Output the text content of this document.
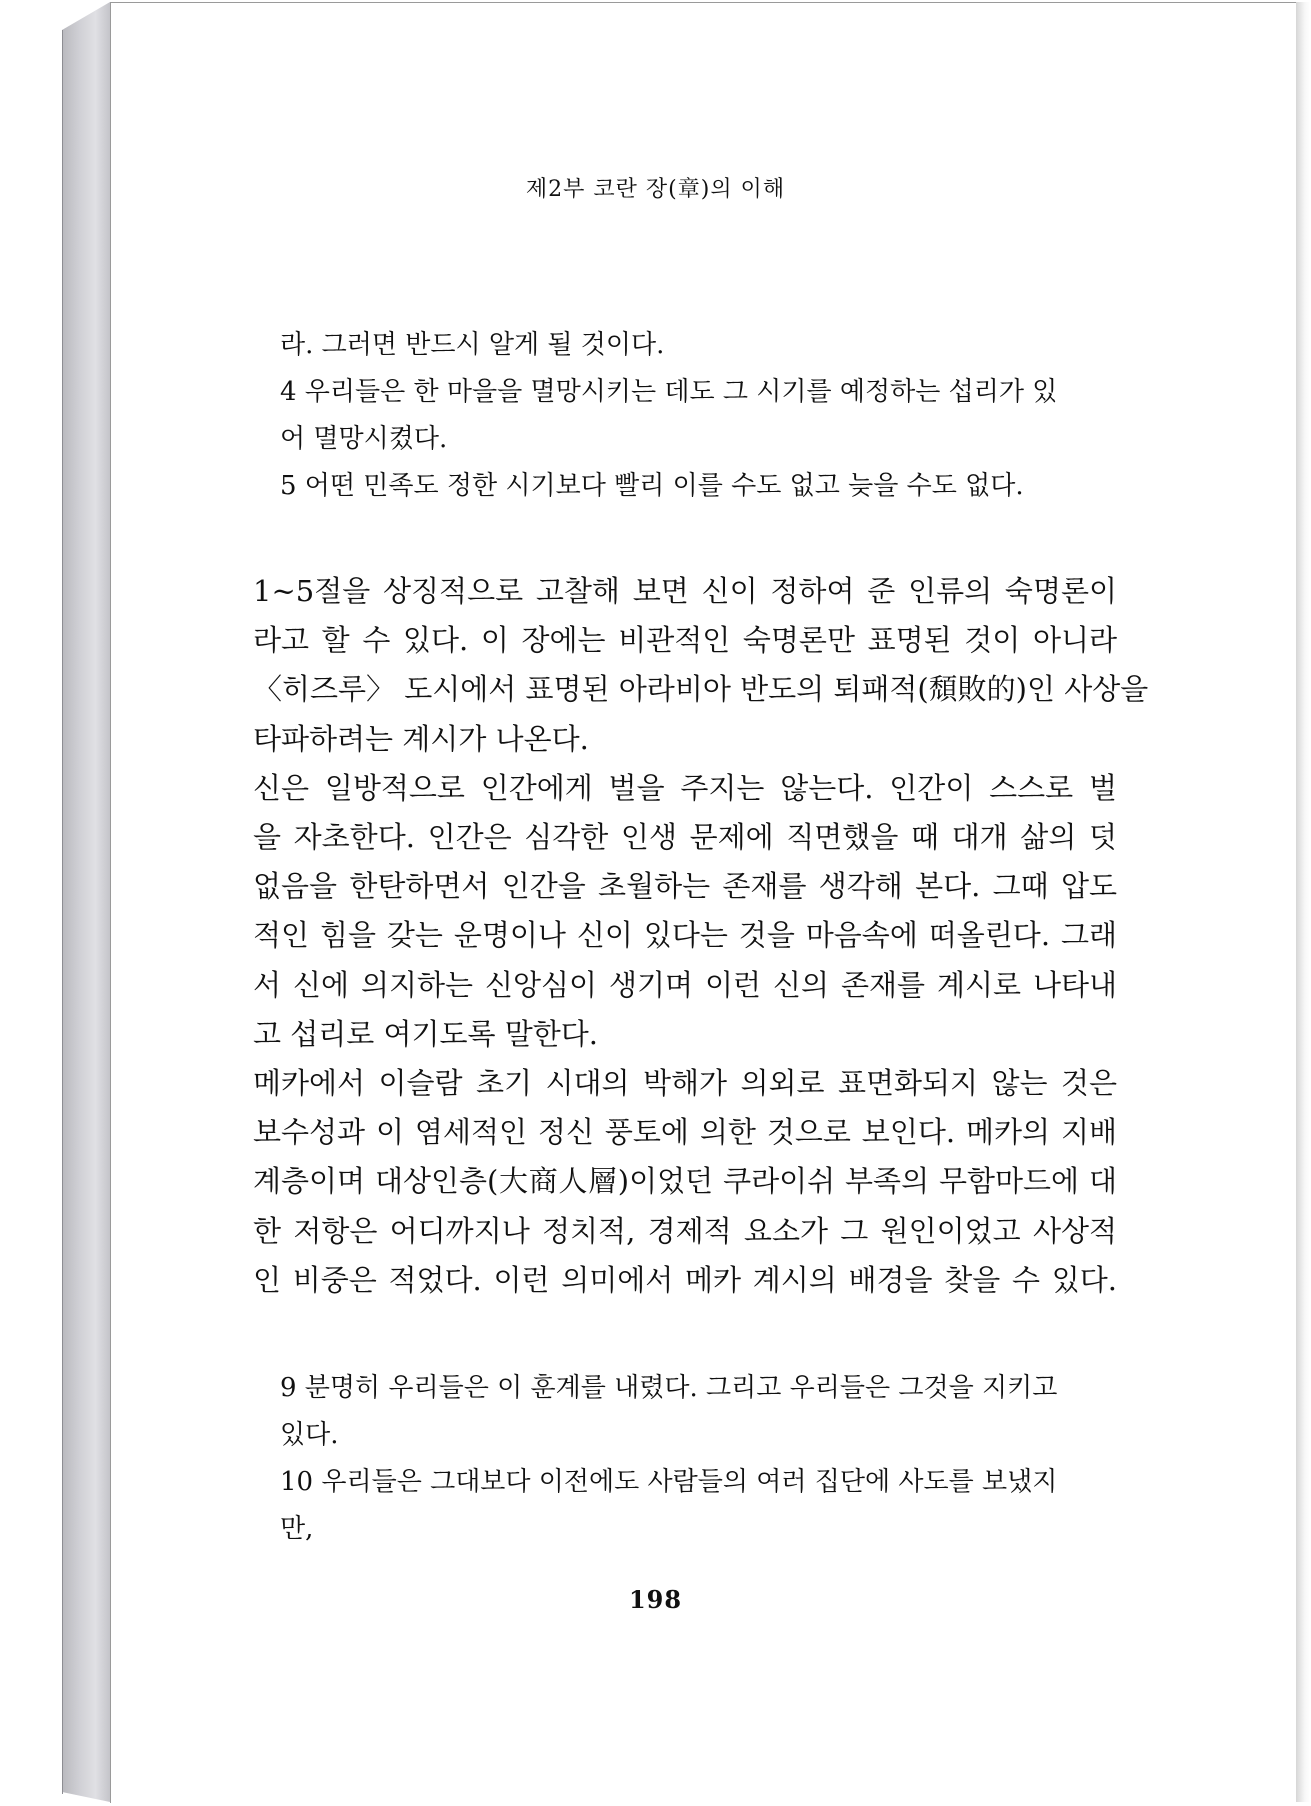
제2부 코란 장(章)의 이해
라. 그러면 반드시 알게 될 것이다.
4 우리들은 한 마을을 멸망시키는 데도 그 시기를 예정하는 섭리가 있
어 멸망시켰다.
5 어떤 민족도 정한 시기보다 빨리 이를 수도 없고 늦을 수도 없다.
1~5절을 상징적으로 고찰해 보면 신이 정하여 준 인류의 숙명론이
라고 할 수 있다. 이 장에는 비관적인 숙명론만 표명된 것이 아니라
〈히즈루〉 도시에서 표명된 아라비아 반도의 퇴패적(頹敗的)인 사상을
타파하려는 계시가 나온다.
신은 일방적으로 인간에게 벌을 주지는 않는다. 인간이 스스로 벌
을 자초한다. 인간은 심각한 인생 문제에 직면했을 때 대개 삶의 덧
없음을 한탄하면서 인간을 초월하는 존재를 생각해 본다. 그때 압도
적인 힘을 갖는 운명이나 신이 있다는 것을 마음속에 떠올린다. 그래
서 신에 의지하는 신앙심이 생기며 이런 신의 존재를 계시로 나타내
고 섭리로 여기도록 말한다.
메카에서 이슬람 초기 시대의 박해가 의외로 표면화되지 않는 것은
보수성과 이 염세적인 정신 풍토에 의한 것으로 보인다. 메카의 지배
계층이며 대상인층(大商人層)이었던 쿠라이쉬 부족의 무함마드에 대
한 저항은 어디까지나 정치적, 경제적 요소가 그 원인이었고 사상적
인 비중은 적었다. 이런 의미에서 메카 계시의 배경을 찾을 수 있다.
9 분명히 우리들은 이 훈계를 내렸다. 그리고 우리들은 그것을 지키고
있다.
10 우리들은 그대보다 이전에도 사람들의 여러 집단에 사도를 보냈지
만,
198
